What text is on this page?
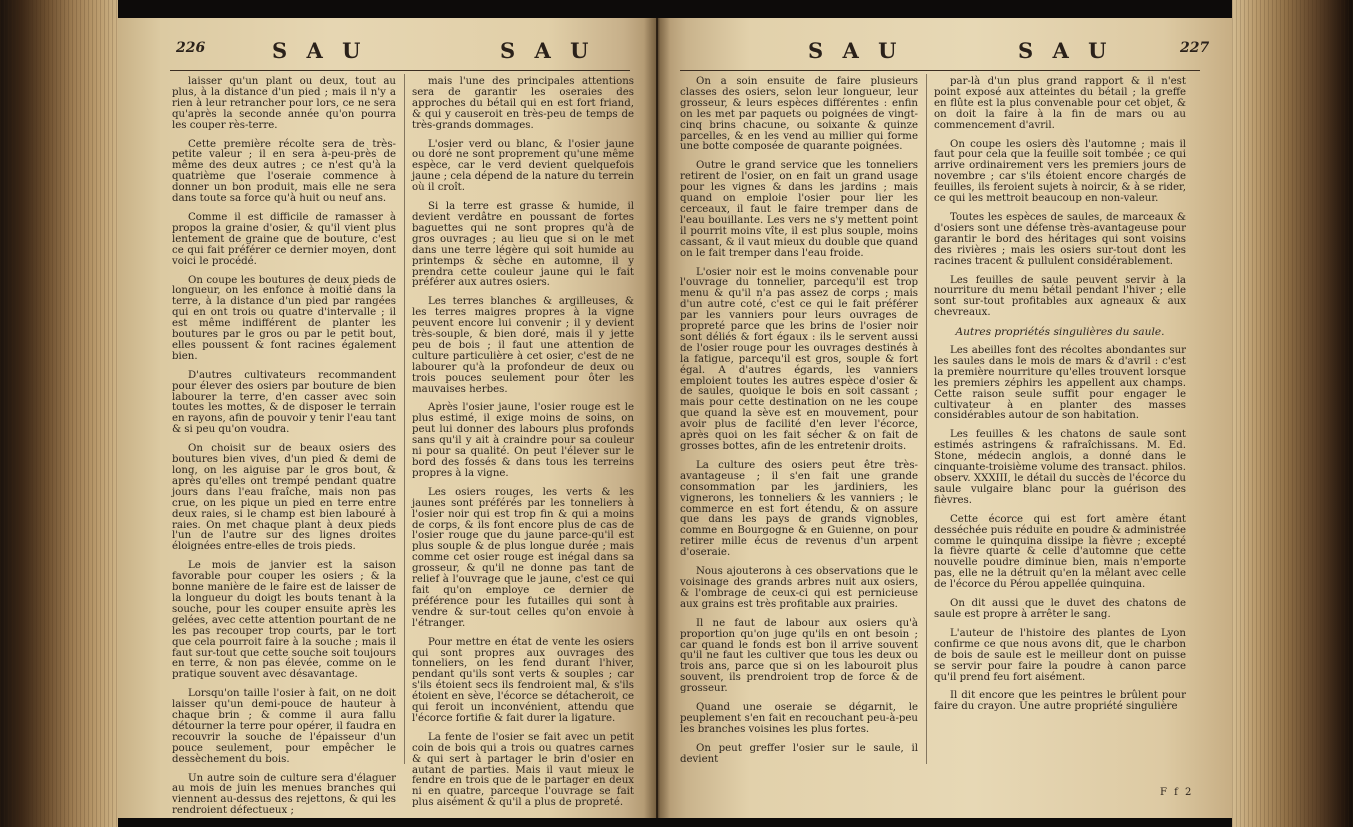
226	S A U	S A U

laisser qu'un plant ou deux, tout au plus, à la distance d'un pied ; mais il n'y a rien à leur retrancher pour lors, ce ne sera qu'après la seconde année qu'on pourra les couper rès-terre.

Cette première récolte sera de très-petite valeur ; il en sera à-peu-près de même des deux autres ; ce n'est qu'à la quatrième que l'oseraie commence à donner un bon produit, mais elle ne sera dans toute sa force qu'à huit ou neuf ans.

Comme il est difficile de ramasser à propos la graine d'osier, & qu'il vient plus lentement de graine que de bouture, c'est ce qui fait préférer ce dernier moyen, dont voici le procédé.

On coupe les boutures de deux pieds de longueur, on les enfonce à moitié dans la terre, à la distance d'un pied par rangées qui en ont trois ou quatre d'intervalle ; il est même indifférent de planter les boutures par le gros ou par le petit bout, elles poussent & font racines également bien.

D'autres cultivateurs recommandent pour élever des osiers par bouture de bien labourer la terre, d'en casser avec soin toutes les mottes, & de disposer le terrain en rayons, afin de pouvoir y tenir l'eau tant & si peu qu'on voudra.

On choisit sur de beaux osiers des boutures bien vives, d'un pied & demi de long, on les aiguise par le gros bout, & après qu'elles ont trempé pendant quatre jours dans l'eau fraîche, mais non pas crue, on les pique un pied en terre entre deux raies, si le champ est bien labouré à raies. On met chaque plant à deux pieds l'un de l'autre sur des lignes droites éloignées entre-elles de trois pieds.

Le mois de janvier est la saison favorable pour couper les osiers ; & la bonne manière de le faire est de laisser de la longueur du doigt les bouts tenant à la souche, pour les couper ensuite après les gelées, avec cette attention pourtant de ne les pas recouper trop courts, par le tort que cela pourroit faire à la souche ; mais il faut sur-tout que cette souche soit toujours en terre, & non pas élevée, comme on le pratique souvent avec désavantage.

Lorsqu'on taille l'osier à fait, on ne doit laisser qu'un demi-pouce de hauteur à chaque brin ; & comme il aura fallu détourner la terre pour opérer, il faudra en recouvrir la souche de l'épaisseur d'un pouce seulement, pour empêcher le dessèchement du bois.

Un autre soin de culture sera d'élaguer au mois de juin les menues branches qui viennent au-dessus des rejettons, & qui les rendroient défectueux ;

mais l'une des principales attentions sera de garantir les oseraies des approches du bétail qui en est fort friand, & qui y causeroit en très-peu de temps de très-grands dommages.

L'osier verd ou blanc, & l'osier jaune ou doré ne sont proprement qu'une même espèce, car le verd devient quelquefois jaune ; cela dépend de la nature du terrein où il croît.

Si la terre est grasse & humide, il devient verdâtre en poussant de fortes baguettes qui ne sont propres qu'à de gros ouvrages ; au lieu que si on le met dans une terre légère qui soit humide au printemps & sèche en automne, il y prendra cette couleur jaune qui le fait préférer aux autres osiers.

Les terres blanches & argilleuses, & les terres maigres propres à la vigne peuvent encore lui convenir ; il y devient très-souple, & bien doré, mais il y jette peu de bois ; il faut une attention de culture particulière à cet osier, c'est de ne labourer qu'à la profondeur de deux ou trois pouces seulement pour ôter les mauvaises herbes.

Après l'osier jaune, l'osier rouge est le plus estimé, il exige moins de soins, on peut lui donner des labours plus profonds sans qu'il y ait à craindre pour sa couleur ni pour sa qualité. On peut l'élever sur le bord des fossés & dans tous les terreins propres à la vigne.

Les osiers rouges, les verts & les jaunes sont préférés par les tonneliers à l'osier noir qui est trop fin & qui a moins de corps, & ils font encore plus de cas de l'osier rouge que du jaune parce-qu'il est plus souple & de plus longue durée ; mais comme cet osier rouge est inégal dans sa grosseur, & qu'il ne donne pas tant de relief à l'ouvrage que le jaune, c'est ce qui fait qu'on employe ce dernier de préférence pour les futailles qui sont à vendre & sur-tout celles qu'on envoie à l'étranger.

Pour mettre en état de vente les osiers qui sont propres aux ouvrages des tonneliers, on les fend durant l'hiver, pendant qu'ils sont verts & souples ; car s'ils étoient secs ils fendroient mal, & s'ils étoient en sève, l'écorce se détacheroit, ce qui feroit un inconvénient, attendu que l'écorce fortifie & fait durer la ligature.

La fente de l'osier se fait avec un petit coin de bois qui a trois ou quatres carnes & qui sert à partager le brin d'osier en autant de parties. Mais il vaut mieux le fendre en trois que de le partager en deux ni en quatre, parceque l'ouvrage se fait plus aisément & qu'il a plus de propreté.

S A U	S A U	227

On a soin ensuite de faire plusieurs classes des osiers, selon leur longueur, leur grosseur, & leurs espèces différentes : enfin on les met par paquets ou poignées de vingt-cinq brins chacune, ou soixante & quinze parcelles, & en les vend au millier qui forme une botte composée de quarante poignées.

Outre le grand service que les tonneliers retirent de l'osier, on en fait un grand usage pour les vignes & dans les jardins ; mais quand on emploie l'osier pour lier les cerceaux, il faut le faire tremper dans de l'eau bouillante. Les vers ne s'y mettent point il pourrit moins vîte, il est plus souple, moins cassant, & il vaut mieux du double que quand on le fait tremper dans l'eau froide.

L'osier noir est le moins convenable pour l'ouvrage du tonnelier, parcequ'il est trop menu & qu'il n'a pas assez de corps ; mais d'un autre coté, c'est ce qui le fait préférer par les vanniers pour leurs ouvrages de propreté parce que les brins de l'osier noir sont déliés & fort égaux : ils le servent aussi de l'osier rouge pour les ouvrages destinés à la fatigue, parcequ'il est gros, souple & fort égal. A d'autres égards, les vanniers emploient toutes les autres espèce d'osier & de saules, quoique le bois en soit cassant ; mais pour cette destination on ne les coupe que quand la sève est en mouvement, pour avoir plus de facilité d'en lever l'écorce, après quoi on les fait sécher & on fait de grosses bottes, afin de les entretenir droits.

La culture des osiers peut être très-avantageuse ; il s'en fait une grande consommation par les jardiniers, les vignerons, les tonneliers & les vanniers ; le commerce en est fort étendu, & on assure que dans les pays de grands vignobles, comme en Bourgogne & en Guienne, on pour retirer mille écus de revenus d'un arpent d'oseraie.

Nous ajouterons à ces observations que le voisinage des grands arbres nuit aux osiers, & l'ombrage de ceux-ci qui est pernicieuse aux grains est très profitable aux prairies.

Il ne faut de labour aux osiers qu'à proportion qu'on juge qu'ils en ont besoin ; car quand le fonds est bon il arrive souvent qu'il ne faut les cultiver que tous les deux ou trois ans, parce que si on les labouroit plus souvent, ils prendroient trop de force & de grosseur.

Quand une oseraie se dégarnit, le peuplement s'en fait en recouchant peu-à-peu les branches voisines les plus fortes.

On peut greffer l'osier sur le saule, il devient

par-là d'un plus grand rapport & il n'est point exposé aux atteintes du bétail ; la greffe en flûte est la plus convenable pour cet objet, & on doit la faire à la fin de mars ou au commencement d'avril.

On coupe les osiers dès l'automne ; mais il faut pour cela que la feuille soit tombée ; ce qui arrive ordinairement vers les premiers jours de novembre ; car s'ils étoient encore chargés de feuilles, ils feroient sujets à noircir, & à se rider, ce qui les mettroit beaucoup en non-valeur.

Toutes les espèces de saules, de marceaux & d'osiers sont une défense très-avantageuse pour garantir le bord des héritages qui sont voisins des rivières ; mais les osiers sur-tout dont les racines tracent & pullulent considérablement.

Les feuilles de saule peuvent servir à la nourriture du menu bétail pendant l'hiver ; elle sont sur-tout profitables aux agneaux & aux chevreaux.

Autres propriétés singulières du saule.

Les abeilles font des récoltes abondantes sur les saules dans le mois de mars & d'avril : c'est la première nourriture qu'elles trouvent lorsque les premiers zéphirs les appellent aux champs. Cette raison seule suffit pour engager le cultivateur à en planter des masses considérables autour de son habitation.

Les feuilles & les chatons de saule sont estimés astringens & rafraîchissans. M. Ed. Stone, médecin anglois, a donné dans le cinquante-troisième volume des transact. philos. observ. XXXIII, le détail du succès de l'écorce du saule vulgaire blanc pour la guérison des fièvres.

Cette écorce qui est fort amère étant desséchée puis réduite en poudre & administrée comme le quinquina dissipe la fièvre ; excepté la fièvre quarte & celle d'automne que cette nouvelle poudre diminue bien, mais n'emporte pas, elle ne la détruit qu'en la mêlant avec celle de l'écorce du Pérou appellée quinquina.

On dit aussi que le duvet des chatons de saule est propre à arrêter le sang.

L'auteur de l'histoire des plantes de Lyon confirme ce que nous avons dit, que le charbon de bois de saule est le meilleur dont on puisse se servir pour faire la poudre à canon parce qu'il prend feu fort aisément.

Il dit encore que les peintres le brûlent pour faire du crayon. Une autre propriété singulière

F f 2
